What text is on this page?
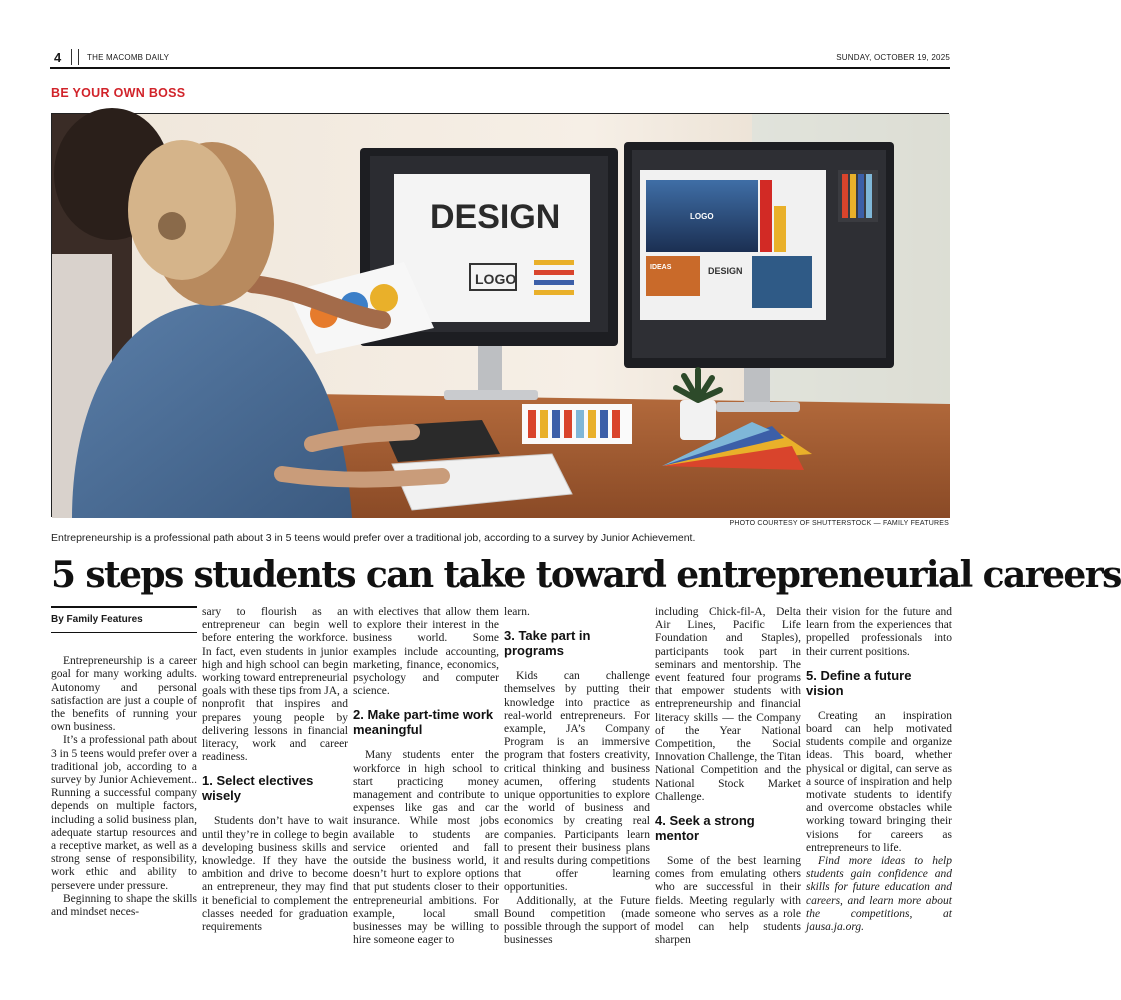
4	THE MACOMB DAILY	SUNDAY, OCTOBER 19, 2025
BE YOUR OWN BOSS
DESIGN
LOGO
LOGO
IDEAS	DESIGN
PHOTO COURTESY OF SHUTTERSTOCK — FAMILY FEATURES
Entrepreneurship is a professional path about 3 in 5 teens would prefer over a traditional job, according to a survey by Junior Achievement.
5 steps students can take toward entrepreneurial careers
By Family Features

Entrepreneurship is a career goal for many working adults. Autonomy and personal satisfaction are just a couple of the benefits of running your own business.

It’s a professional path about 3 in 5 teens would prefer over a traditional job, according to a survey by Junior Achievement.. Running a successful company depends on multiple factors, including a solid business plan, adequate startup resources and a receptive market, as well as a strong sense of responsibility, work ethic and ability to persevere under pressure.

Beginning to shape the skills and mindset neces-

sary to flourish as an entrepreneur can begin well before entering the workforce. In fact, even students in junior high and high school can begin working toward entrepreneurial goals with these tips from JA, a nonprofit that inspires and prepares young people by delivering lessons in financial literacy, work and career readiness.

1. Select electives wisely

Students don’t have to wait until they’re in college to begin developing business skills and knowledge. If they have the ambition and drive to become an entrepreneur, they may find it beneficial to complement the classes needed for graduation requirements

with electives that allow them to explore their interest in the business world. Some examples include accounting, marketing, finance, economics, psychology and computer science.

2. Make part-time work meaningful

Many students enter the workforce in high school to start practicing money management and contribute to expenses like gas and car insurance. While most jobs available to students are service oriented and fall outside the business world, it doesn’t hurt to explore options that put students closer to their entrepreneurial ambitions. For example, local small businesses may be willing to hire someone eager to

learn.

3. Take part in programs

Kids can challenge themselves by putting their knowledge into practice as real-world entrepreneurs. For example, JA’s Company Program is an immersive program that fosters creativity, critical thinking and business acumen, offering students unique opportunities to explore the world of business and economics by creating real companies. Participants learn to present their business plans and results during competitions that offer learning opportunities.

Additionally, at the Future Bound competition (made possible through the support of businesses

including Chick-fil-A, Delta Air Lines, Pacific Life Foundation and Staples), participants took part in seminars and mentorship. The event featured four programs that empower students with entrepreneurship and financial literacy skills — the Company of the Year National Competition, the Social Innovation Challenge, the Titan National Competition and the National Stock Market Challenge.

4. Seek a strong mentor

Some of the best learning comes from emulating others who are successful in their fields. Meeting regularly with someone who serves as a role model can help students sharpen

their vision for the future and learn from the experiences that propelled professionals into their current positions.

5. Define a future vision

Creating an inspiration board can help motivated students compile and organize ideas. This board, whether physical or digital, can serve as a source of inspiration and help motivate students to identify and overcome obstacles while working toward bringing their visions for careers as entrepreneurs to life.

Find more ideas to help students gain confidence and skills for future education and careers, and learn more about the competitions, at jausa.ja.org.
